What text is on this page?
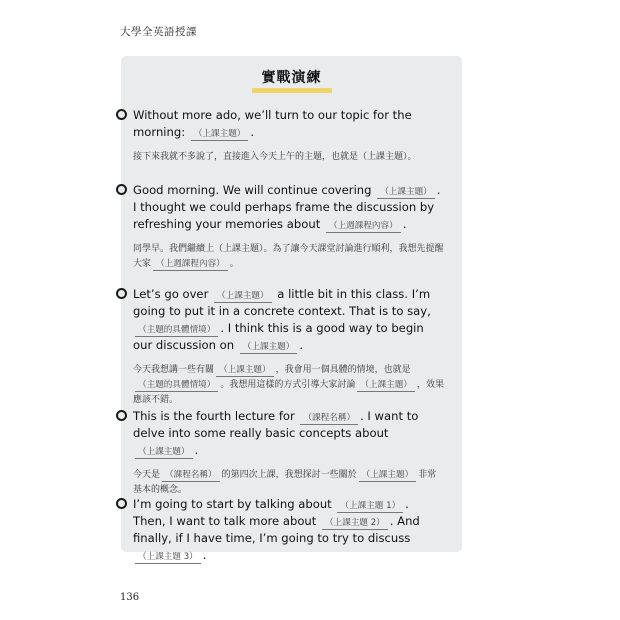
大學全英語授課
實戰演練
Without more ado, we’ll turn to our topic for the morning: （上課主題） .
接下來我就不多說了，直接進入今天上午的主題，也就是（上課主題）。
Good morning. We will continue covering （上課主題） . I thought we could perhaps frame the discussion by refreshing your memories about （上週課程內容） .
同學早。我們繼續上（上課主題）。為了讓今天課堂討論進行順利，我想先提醒大家 （上週課程內容） 。
Let’s go over （上課主題） a little bit in this class. I’m going to put it in a concrete context. That is to say, （主題的具體情境） . I think this is a good way to begin our discussion on （上課主題） .
今天我想講一些有關 （上課主題） ，我會用一個具體的情境，也就是（主題的具體情境） 。我想用這樣的方式引導大家討論 （上課主題） ，效果應該不錯。
This is the fourth lecture for （課程名稱） . I want to delve into some really basic concepts about （上課主題） .
今天是 （課程名稱） 的第四次上課，我想探討一些關於 （上課主題） 非常基本的概念。
I’m going to start by talking about （上課主題 1） . Then, I want to talk more about （上課主題 2） . And finally, if I have time, I’m going to try to discuss （上課主題 3） .
136
